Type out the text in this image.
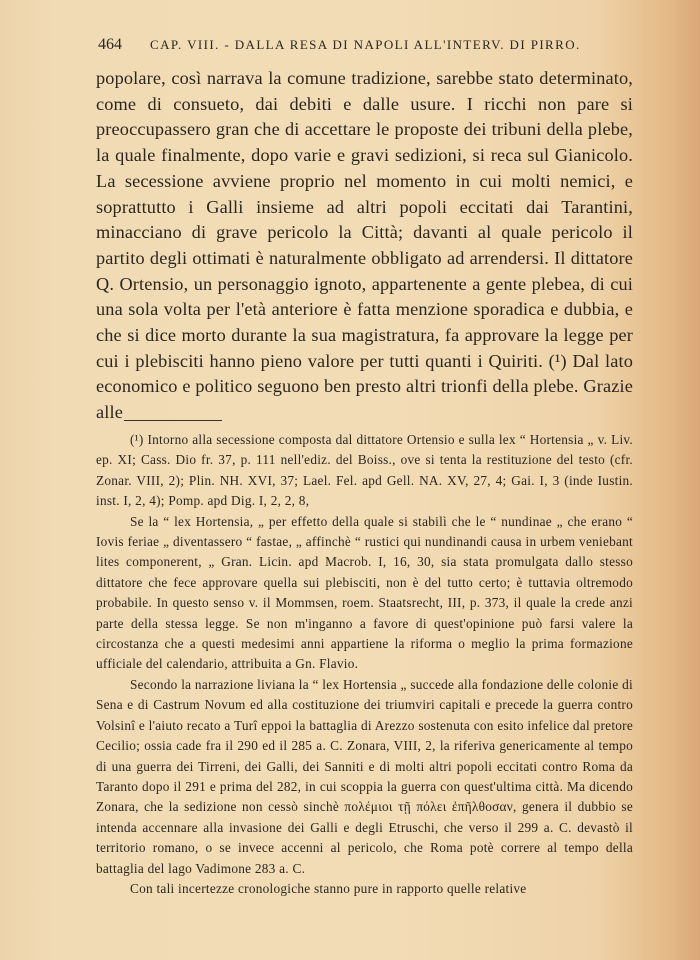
464 CAP. VIII. - DALLA RESA DI NAPOLI ALL'INTERV. DI PIRRO.

popolare, così narrava la comune tradizione, sarebbe stato determinato, come di consueto, dai debiti e dalle usure. I ricchi non pare si preoccupassero gran che di accettare le proposte dei tribuni della plebe, la quale finalmente, dopo varie e gravi sedizioni, si reca sul Gianicolo. La secessione avviene proprio nel momento in cui molti nemici, e soprattutto i Galli insieme ad altri popoli eccitati dai Tarantini, minacciano di grave pericolo la Città; davanti al quale pericolo il partito degli ottimati è naturalmente obbligato ad arrendersi. Il dittatore Q. Ortensio, un personaggio ignoto, appartenente a gente plebea, di cui una sola volta per l'età anteriore è fatta menzione sporadica e dubbia, e che si dice morto durante la sua magistratura, fa approvare la legge per cui i plebisciti hanno pieno valore per tutti quanti i Quiriti. (¹) Dal lato economico e politico seguono ben presto altri trionfi della plebe. Grazie alle

(¹) Intorno alla secessione composta dal dittatore Ortensio e sulla lex “ Hortensia „ v. Liv. ep. XI; Cass. Dio fr. 37, p. 111 nell'ediz. del Boiss., ove si tenta la restituzione del testo (cfr. Zonar. VIII, 2); Plin. NH. XVI, 37; Lael. Fel. apd Gell. NA. XV, 27, 4; Gai. I, 3 (inde Iustin. inst. I, 2, 4); Pomp. apd Dig. I, 2, 2, 8,

Se la “ lex Hortensia, „ per effetto della quale si stabilì che le “ nundinae „ che erano “ Iovis feriae „ diventassero “ fastae, „ affinchè “ rustici qui nundinandi causa in urbem veniebant lites componerent, „ Gran. Licin. apd Macrob. I, 16, 30, sia stata promulgata dallo stesso dittatore che fece approvare quella sui plebisciti, non è del tutto certo; è tuttavia oltremodo probabile. In questo senso v. il Mommsen, roem. Staatsrecht, III, p. 373, il quale la crede anzi parte della stessa legge. Se non m'inganno a favore di quest'opinione può farsi valere la circostanza che a questi medesimi anni appartiene la riforma o meglio la prima formazione ufficiale del calendario, attribuita a Gn. Flavio.

Secondo la narrazione liviana la “ lex Hortensia „ succede alla fondazione delle colonie di Sena e di Castrum Novum ed alla costituzione dei triumviri capitali e precede la guerra contro Volsinî e l'aiuto recato a Turî eppoi la battaglia di Arezzo sostenuta con esito infelice dal pretore Cecilio; ossia cade fra il 290 ed il 285 a. C. Zonara, VIII, 2, la riferiva genericamente al tempo di una guerra dei Tirreni, dei Galli, dei Sanniti e di molti altri popoli eccitati contro Roma da Taranto dopo il 291 e prima del 282, in cui scoppia la guerra con quest'ultima città. Ma dicendo Zonara, che la sedizione non cessò sinchè πολέμιοι τῇ πόλει ἐπῆλθοσαν, genera il dubbio se intenda accennare alla invasione dei Galli e degli Etruschi, che verso il 299 a. C. devastò il territorio romano, o se invece accenni al pericolo, che Roma potè correre al tempo della battaglia del lago Vadimone 283 a. C.

Con tali incertezze cronologiche stanno pure in rapporto quelle relative
